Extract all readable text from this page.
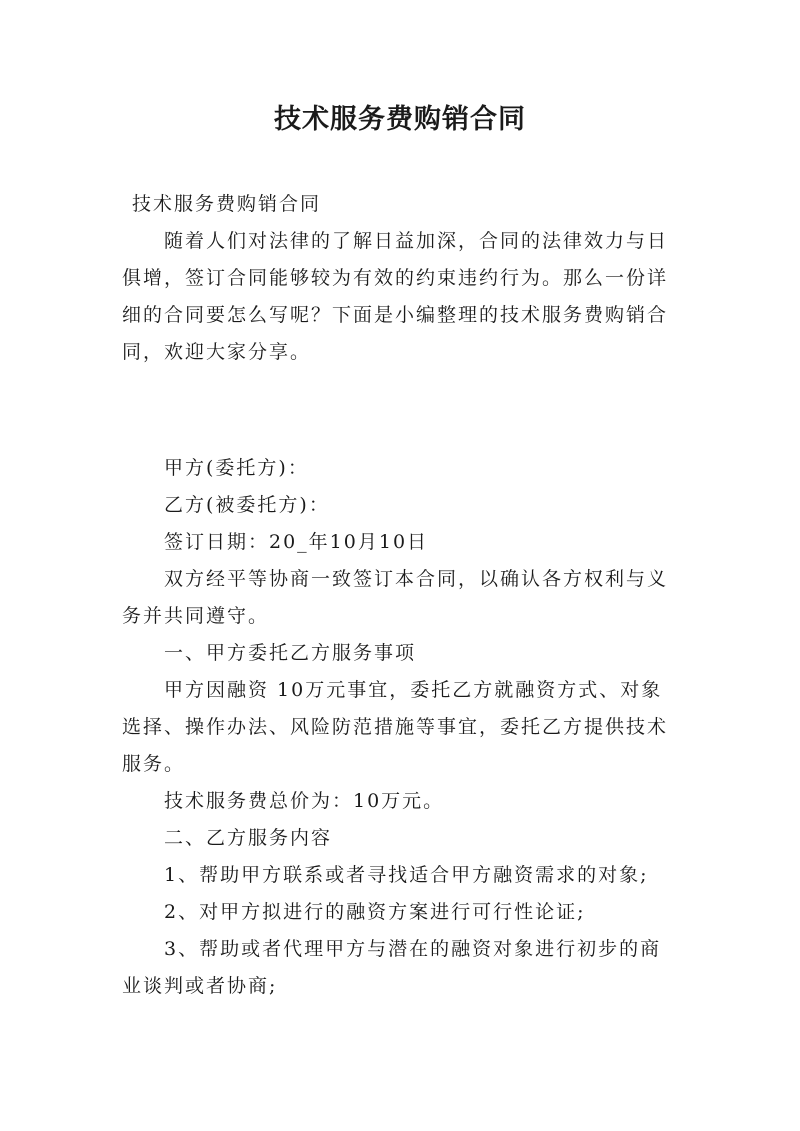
技术服务费购销合同

技术服务费购销合同

随着人们对法律的了解日益加深，合同的法律效力与日俱增，签订合同能够较为有效的约束违约行为。那么一份详细的合同要怎么写呢？下面是小编整理的技术服务费购销合同，欢迎大家分享。

甲方(委托方)：

乙方(被委托方)：

签订日期：20_年10月10日

双方经平等协商一致签订本合同，以确认各方权利与义务并共同遵守。

一、甲方委托乙方服务事项

甲方因融资 10万元事宜，委托乙方就融资方式、对象选择、操作办法、风险防范措施等事宜，委托乙方提供技术服务。

技术服务费总价为：10万元。

二、乙方服务内容

1、帮助甲方联系或者寻找适合甲方融资需求的对象;

2、对甲方拟进行的融资方案进行可行性论证;

3、帮助或者代理甲方与潜在的融资对象进行初步的商业谈判或者协商;
